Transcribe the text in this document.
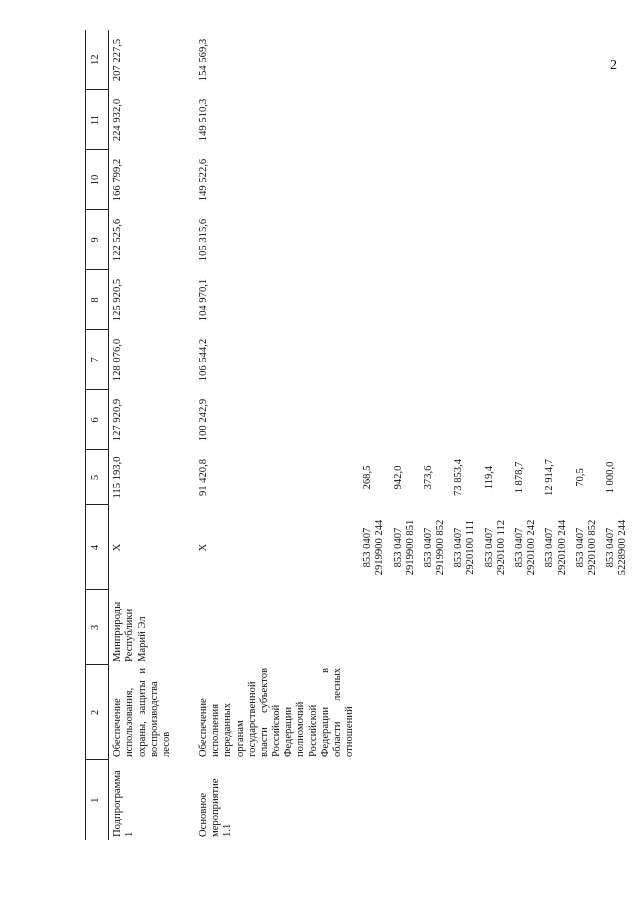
2
1	2	3	4	5	6	7	8	9	10	11	12
Подпрограмма 1	Обеспечение использования, охраны, защиты и воспроизводства лесов	Минприроды Республики Марий Эл	Х	115 193,0	127 920,9	128 076,0	125 920,5	122 525,6	166 799,2	224 932,0	207 227,5
Основное мероприятие 1.1	Обеспечение исполнения переданных органам государственной власти субъектов Российской Федерации полномочий Российской Федерации в области лесных отношений		Х	91 420,8	100 242,9	106 544,2	104 970,1	105 315,6	149 522,6	149 510,3	154 569,3

			853 0407 2919900 244	268,5							

			853 0407 2919900 851	942,0							

			853 0407 2919900 852	373,6							

			853 0407 2920100 111	73 853,4							

			853 0407 2920100 112	119,4							

			853 0407 2920100 242	1 878,7							

			853 0407 2920100 244	12 914,7							

			853 0407 2920100 852	70,5							

			853 0407 5228900 244	1 000,0							
